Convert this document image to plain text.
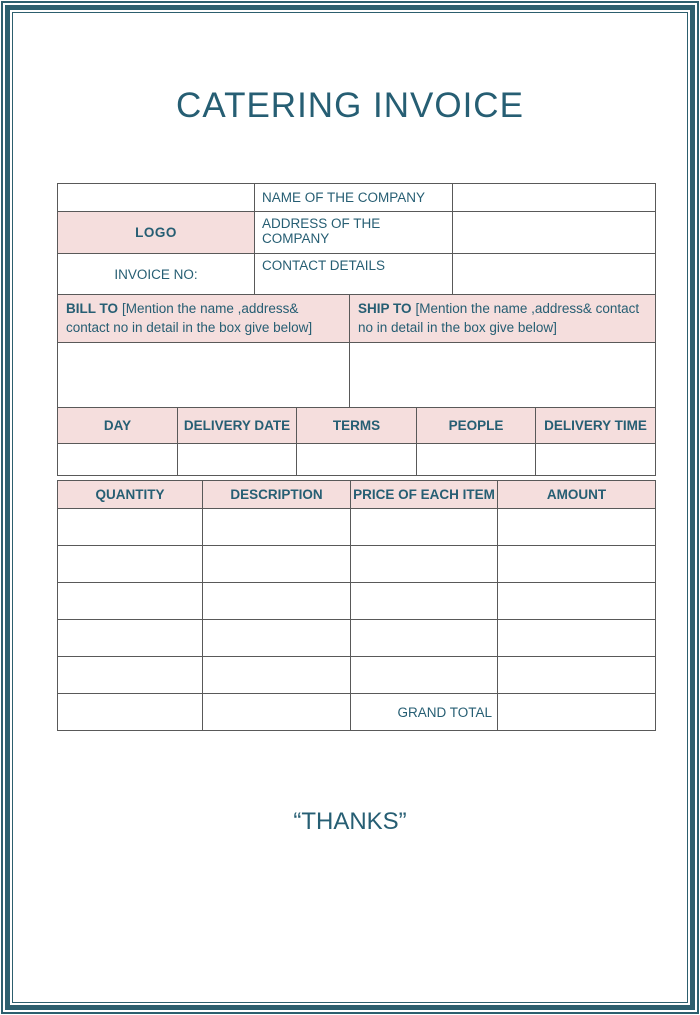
CATERING INVOICE
	NAME OF THE COMPANY	
LOGO	ADDRESS OF THE COMPANY	
INVOICE NO:	CONTACT DETAILS	
BILL TO [Mention the name ,address& contact no in detail in the box give below]	SHIP TO [Mention the name ,address& contact no in detail in the box give below]

DAY	DELIVERY DATE	TERMS	PEOPLE	DELIVERY TIME

QUANTITY	DESCRIPTION	PRICE OF EACH ITEM	AMOUNT

		GRAND TOTAL	
“THANKS”
